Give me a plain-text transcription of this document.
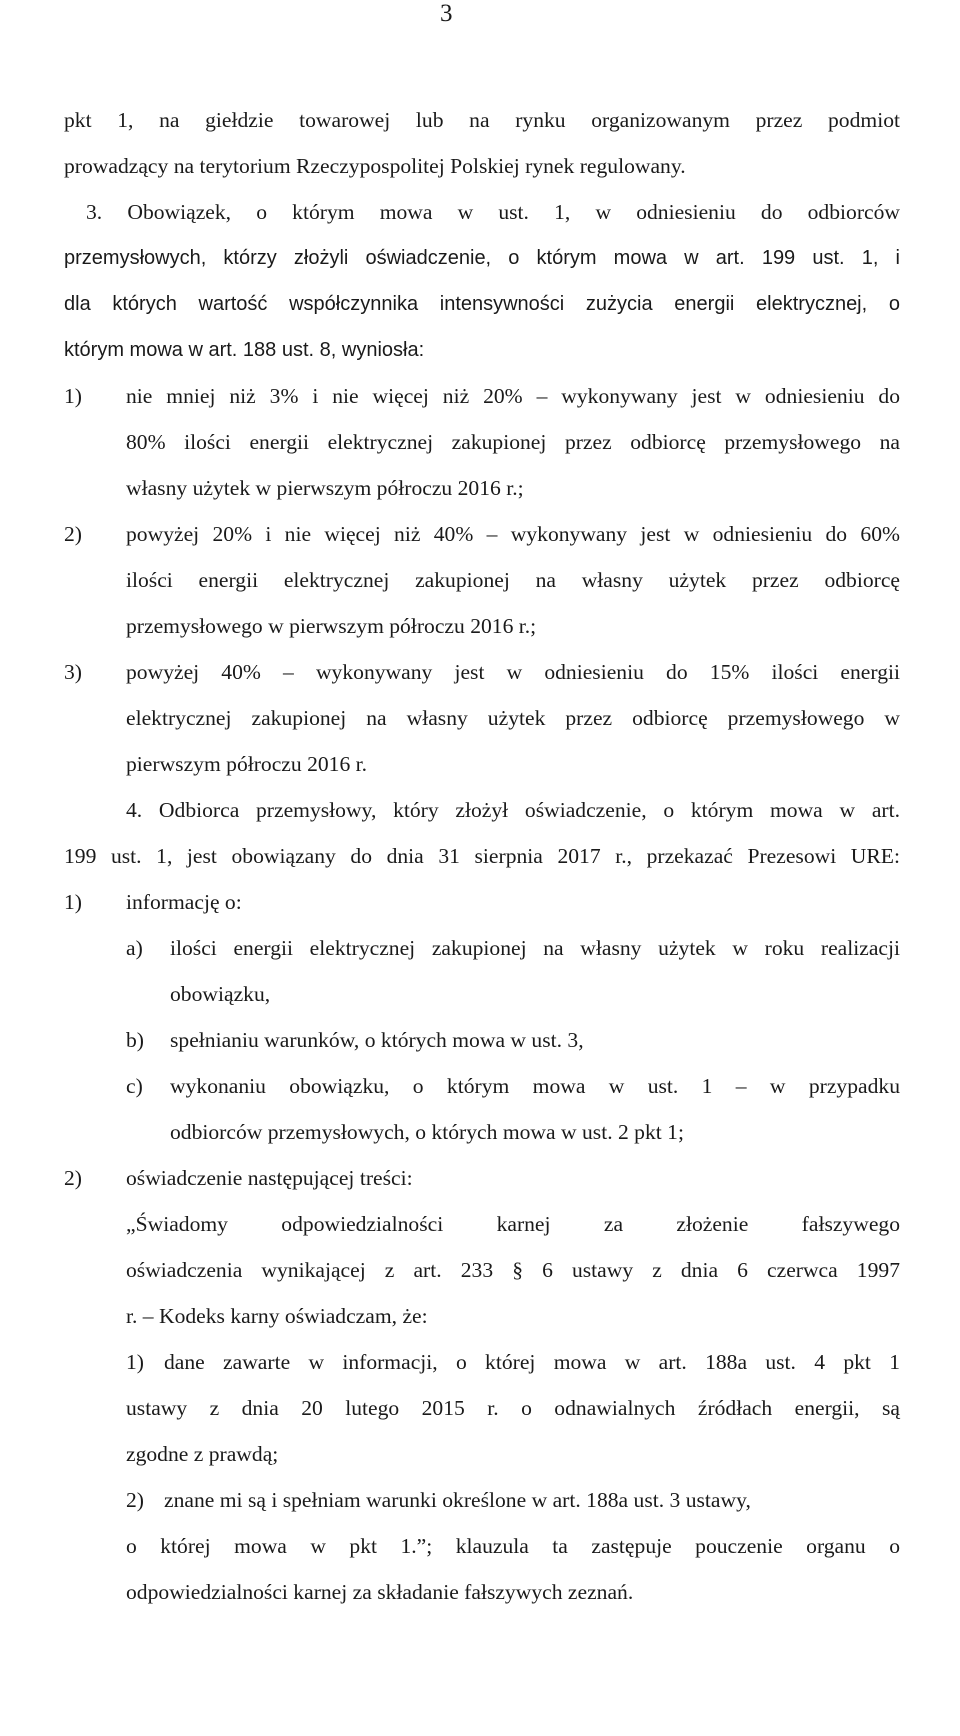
3
pkt 1, na giełdzie towarowej lub na rynku organizowanym przez podmiot
prowadzący na terytorium Rzeczypospolitej Polskiej rynek regulowany.
3. Obowiązek, o którym mowa w ust. 1, w odniesieniu do odbiorców
przemysłowych, którzy złożyli oświadczenie, o którym mowa w art. 199 ust. 1, i
dla których wartość współczynnika intensywności zużycia energii elektrycznej, o
którym mowa w art. 188 ust. 8, wyniosła:
1)	nie mniej niż 3% i nie więcej niż 20% – wykonywany jest w odniesieniu do
80% ilości energii elektrycznej zakupionej przez odbiorcę przemysłowego na
własny użytek w pierwszym półroczu 2016 r.;
2)	powyżej 20% i nie więcej niż 40% – wykonywany jest w odniesieniu do 60%
ilości energii elektrycznej zakupionej na własny użytek przez odbiorcę
przemysłowego w pierwszym półroczu 2016 r.;
3)	powyżej 40% – wykonywany jest w odniesieniu do 15% ilości energii
elektrycznej zakupionej na własny użytek przez odbiorcę przemysłowego w
pierwszym półroczu 2016 r.
4. Odbiorca przemysłowy, który złożył oświadczenie, o którym mowa w art.
199 ust. 1, jest obowiązany do dnia 31 sierpnia 2017 r., przekazać Prezesowi URE:
1)	informację o:
a)	ilości energii elektrycznej zakupionej na własny użytek w roku realizacji
obowiązku,
b)	spełnianiu warunków, o których mowa w ust. 3,
c)	wykonaniu obowiązku, o którym mowa w ust. 1 – w przypadku
odbiorców przemysłowych, o których mowa w ust. 2 pkt 1;
2)	oświadczenie następującej treści:
„Świadomy odpowiedzialności karnej za złożenie fałszywego
oświadczenia wynikającej z art. 233 § 6 ustawy z dnia 6 czerwca 1997
r. – Kodeks karny oświadczam, że:
1) dane zawarte w informacji, o której mowa w art. 188a ust. 4 pkt 1
ustawy z dnia 20 lutego 2015 r. o odnawialnych źródłach energii, są
zgodne z prawdą;
2) znane mi są i spełniam warunki określone w art. 188a ust. 3 ustawy,
o której mowa w pkt 1.”; klauzula ta zastępuje pouczenie organu o
odpowiedzialności karnej za składanie fałszywych zeznań.
